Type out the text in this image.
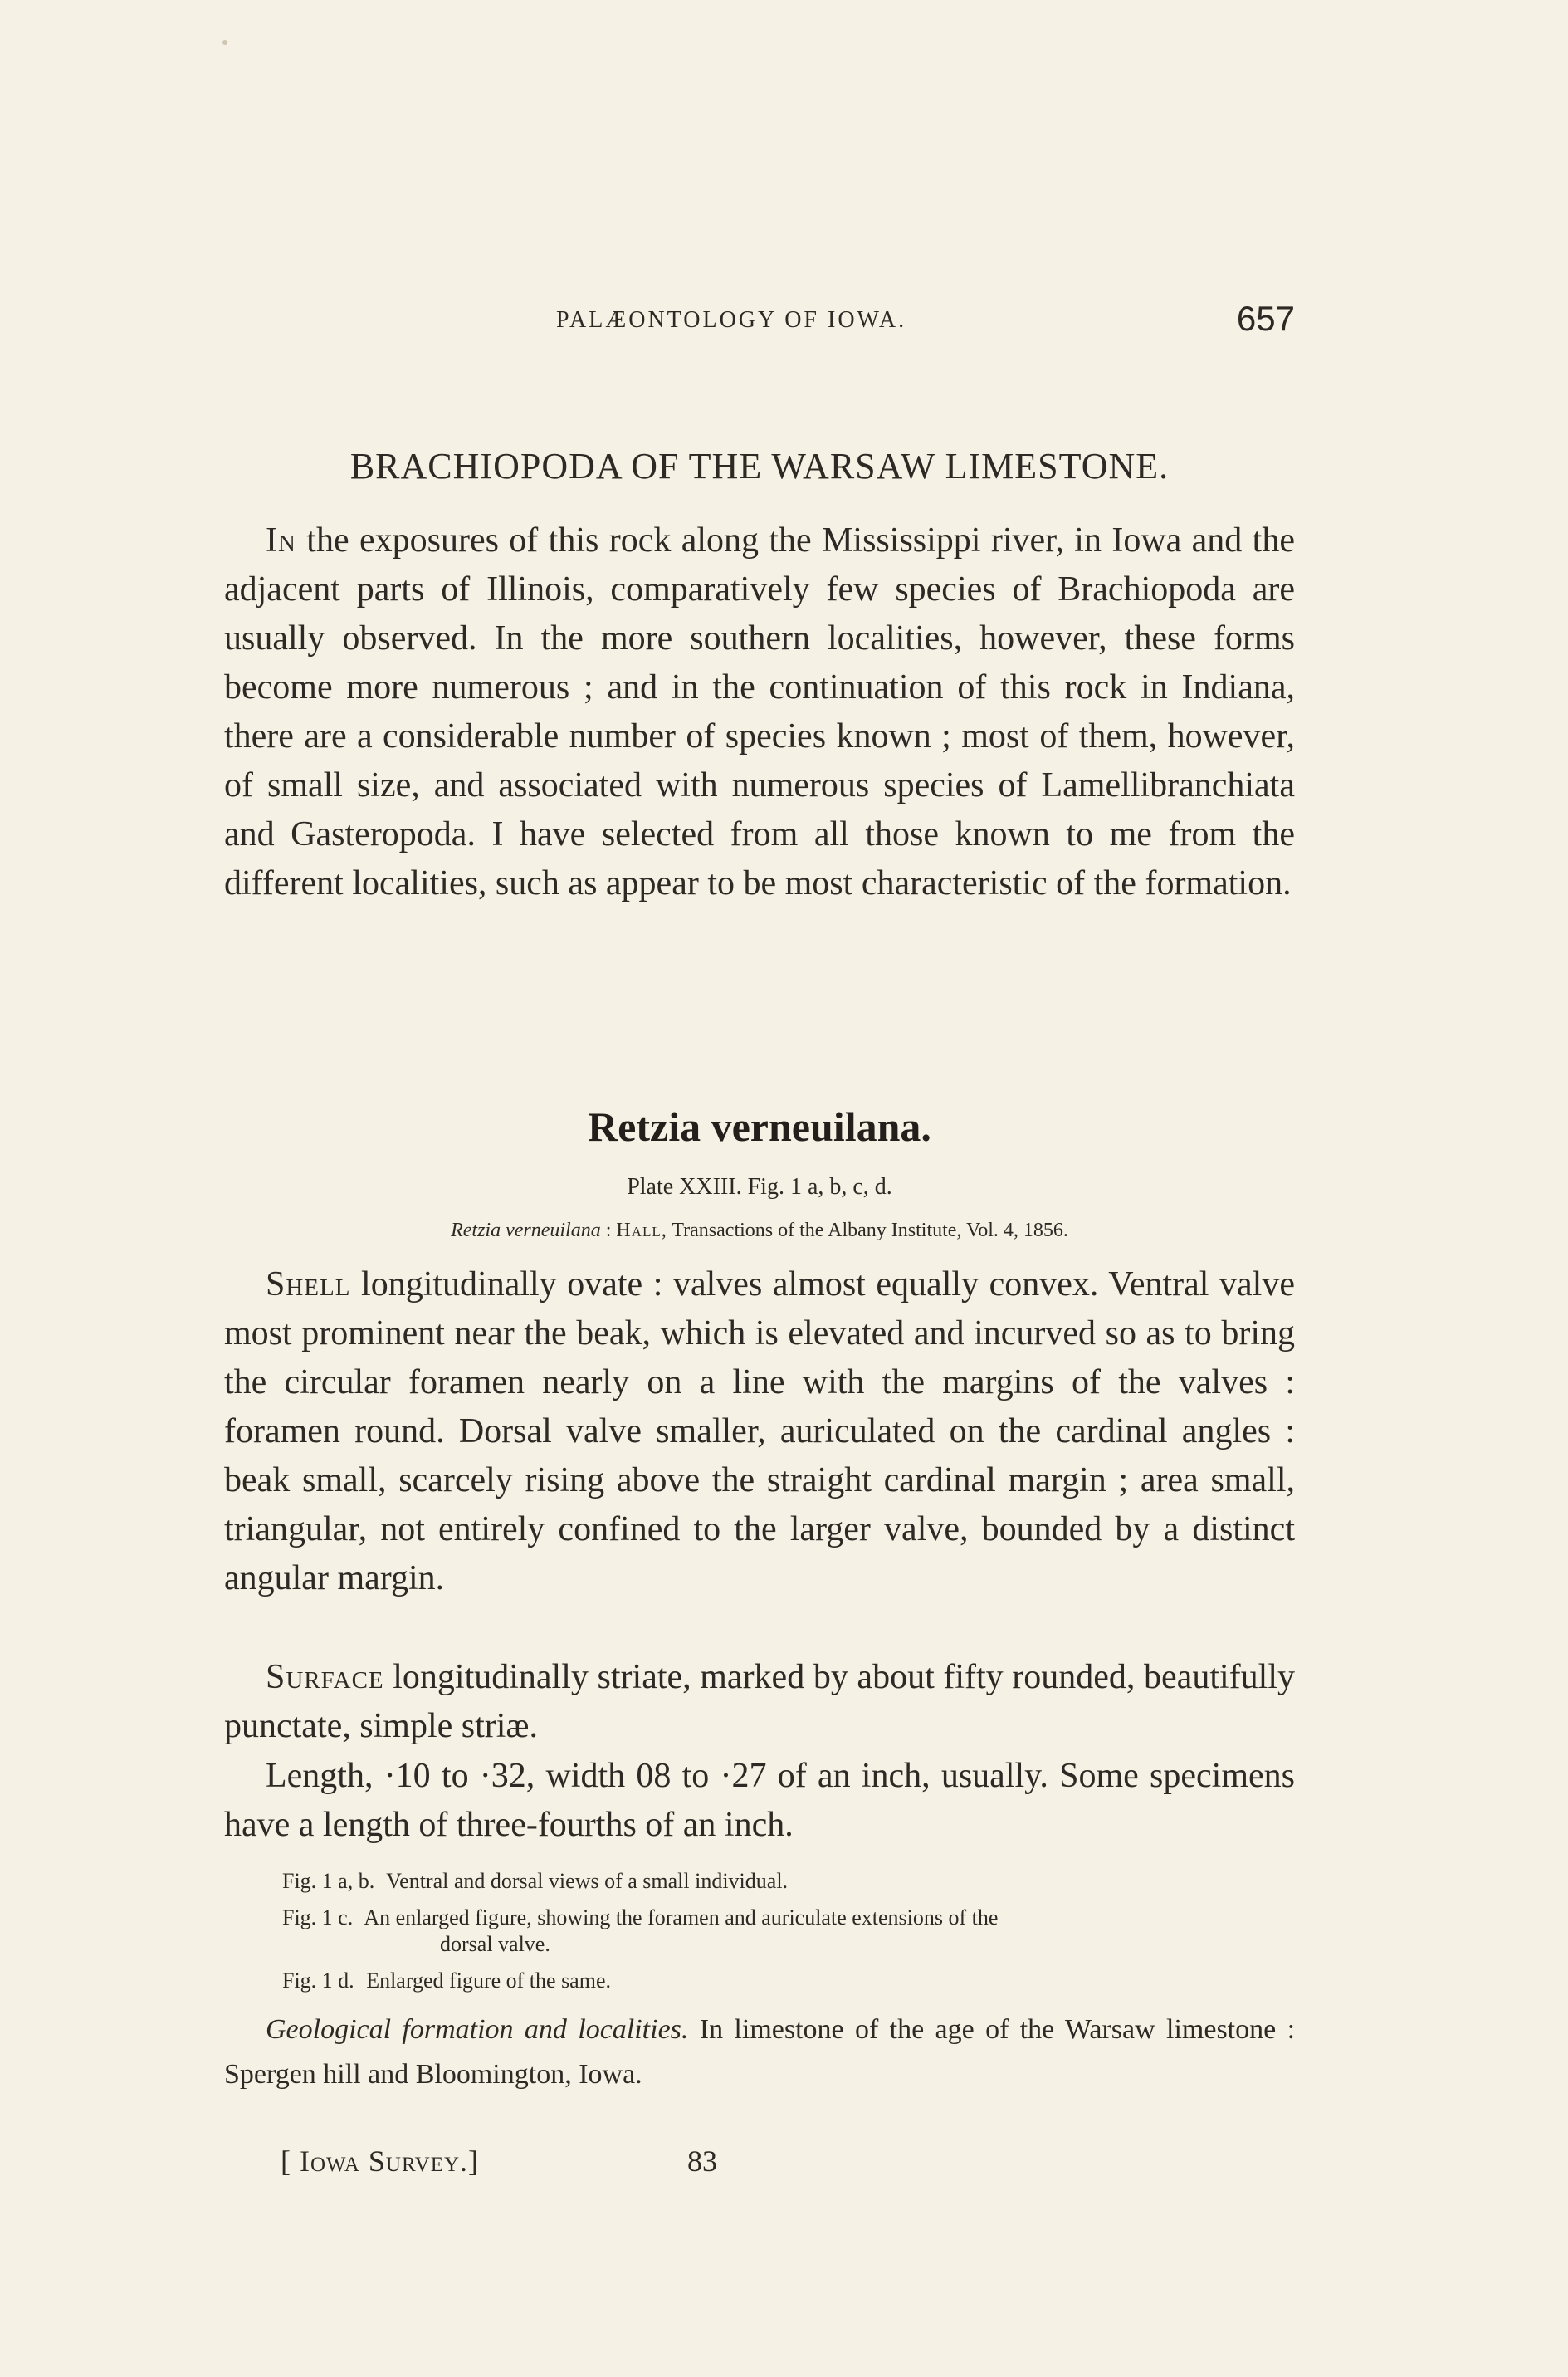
PALÆONTOLOGY OF IOWA.	657
BRACHIOPODA OF THE WARSAW LIMESTONE.
In the exposures of this rock along the Mississippi river, in Iowa and the adjacent parts of Illinois, comparatively few species of Brachiopoda are usually observed. In the more southern localities, however, these forms become more numerous ; and in the continuation of this rock in Indiana, there are a considerable number of species known ; most of them, however, of small size, and associated with numerous species of Lamellibranchiata and Gasteropoda. I have selected from all those known to me from the different localities, such as appear to be most characteristic of the formation.
Retzia verneuilana.
Plate XXIII. Fig. 1 a, b, c, d.
Retzia verneuilana : Hall, Transactions of the Albany Institute, Vol. 4, 1856.
Shell longitudinally ovate : valves almost equally convex. Ventral valve most prominent near the beak, which is elevated and incurved so as to bring the circular foramen nearly on a line with the margins of the valves : foramen round. Dorsal valve smaller, auriculated on the cardinal angles : beak small, scarcely rising above the straight cardinal margin ; area small, triangular, not entirely confined to the larger valve, bounded by a distinct angular margin.
Surface longitudinally striate, marked by about fifty rounded, beautifully punctate, simple striæ.
Length, ·10 to ·32, width 08 to ·27 of an inch, usually. Some specimens have a length of three-fourths of an inch.
Fig. 1 a, b. Ventral and dorsal views of a small individual.
Fig. 1 c. An enlarged figure, showing the foramen and auriculate extensions of the
dorsal valve.
Fig. 1 d. Enlarged figure of the same.
Geological formation and localities. In limestone of the age of the Warsaw limestone : Spergen hill and Bloomington, Iowa.
[ Iowa Survey.]	83
